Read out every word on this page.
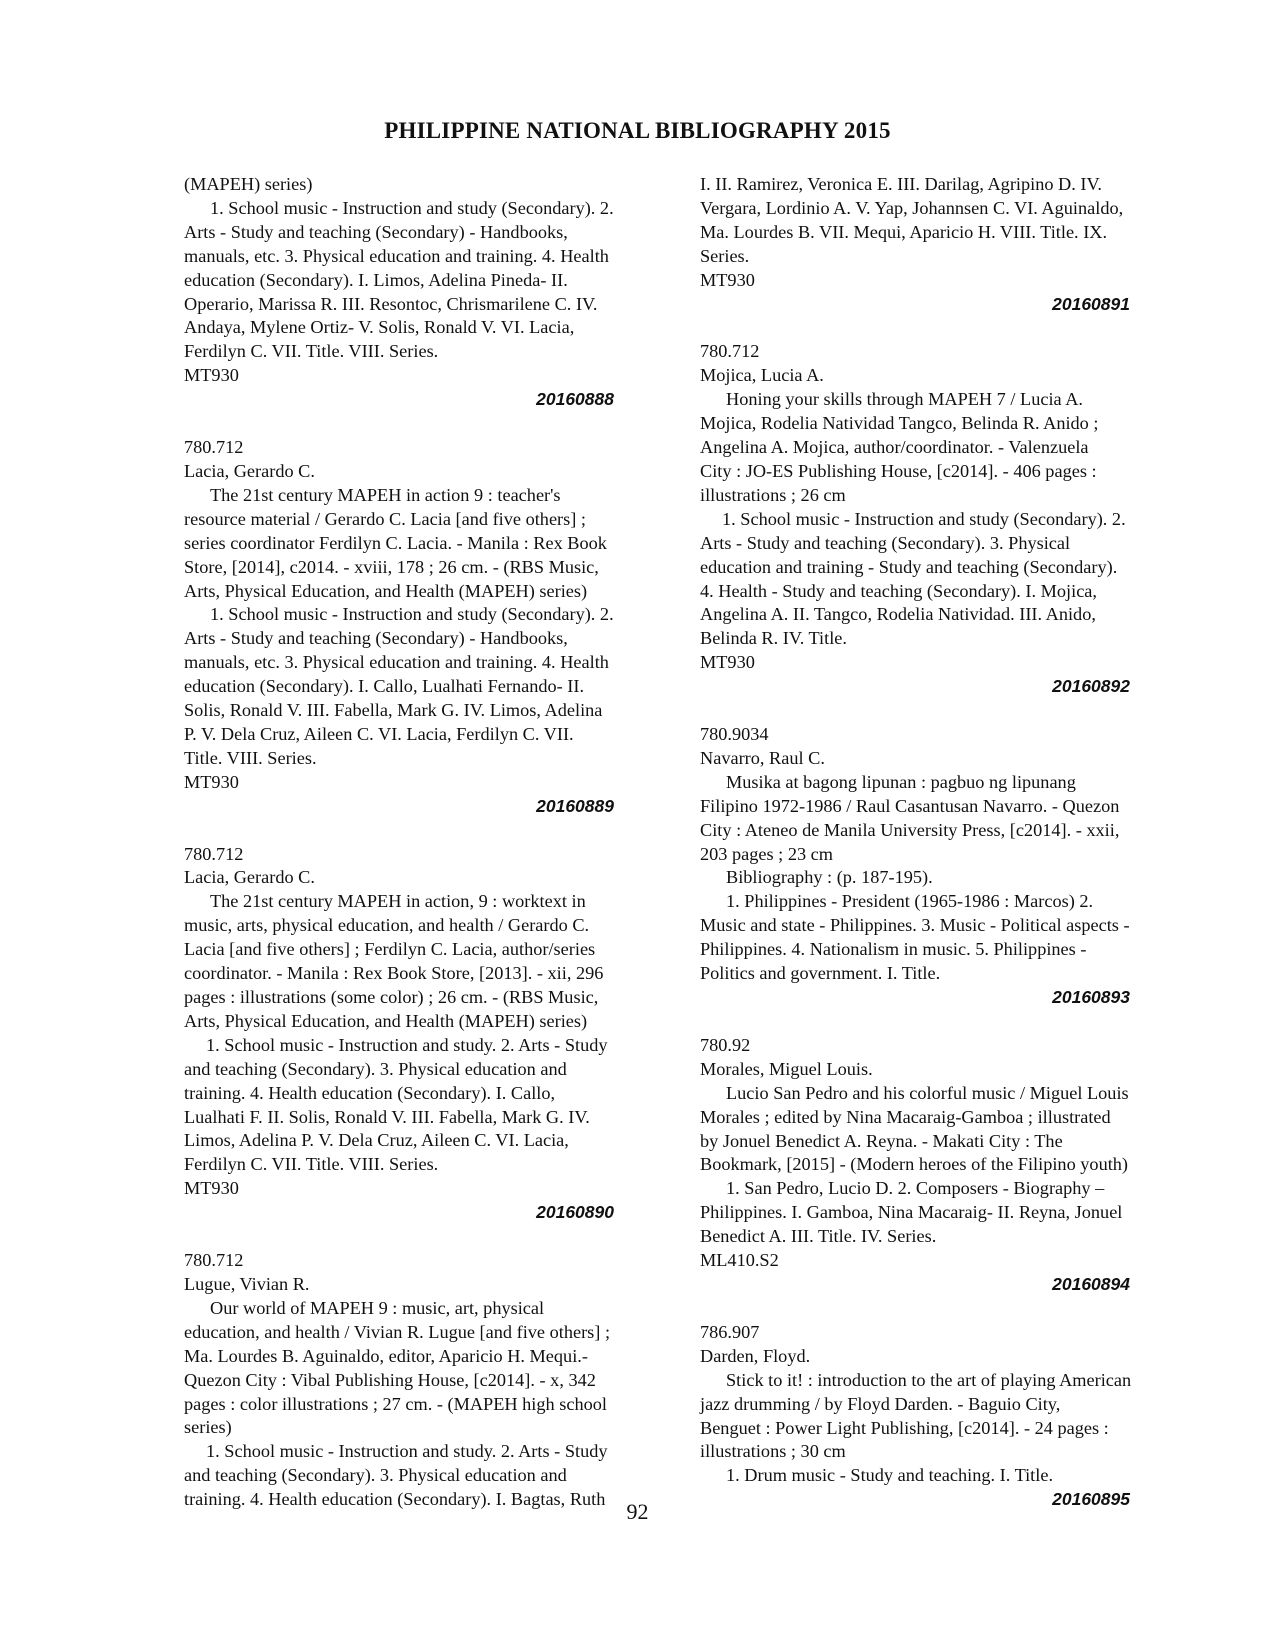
PHILIPPINE NATIONAL BIBLIOGRAPHY 2015
(MAPEH) series)
1. School music - Instruction and study (Secondary). 2.
Arts - Study and teaching (Secondary) - Handbooks,
manuals, etc. 3. Physical education and training. 4. Health
education (Secondary). I. Limos, Adelina Pineda- II.
Operario, Marissa R. III. Resontoc, Chrismarilene C. IV.
Andaya, Mylene Ortiz- V. Solis, Ronald V. VI. Lacia,
Ferdilyn C. VII. Title. VIII. Series.
MT930
20160888
780.712
Lacia, Gerardo C.
The 21st century MAPEH in action 9 : teacher's
resource material / Gerardo C. Lacia [and five others] ;
series coordinator Ferdilyn C. Lacia. - Manila : Rex Book
Store, [2014], c2014. - xviii, 178 ; 26 cm. - (RBS Music,
Arts, Physical Education, and Health (MAPEH) series)
1. School music - Instruction and study (Secondary). 2.
Arts - Study and teaching (Secondary) - Handbooks,
manuals, etc. 3. Physical education and training. 4. Health
education (Secondary). I. Callo, Lualhati Fernando- II.
Solis, Ronald V. III. Fabella, Mark G. IV. Limos, Adelina
P. V. Dela Cruz, Aileen C. VI. Lacia, Ferdilyn C. VII.
Title. VIII. Series.
MT930
20160889
780.712
Lacia, Gerardo C.
The 21st century MAPEH in action, 9 : worktext in
music, arts, physical education, and health / Gerardo C.
Lacia [and five others] ; Ferdilyn C. Lacia, author/series
coordinator. - Manila : Rex Book Store, [2013]. - xii, 296
pages : illustrations (some color) ; 26 cm. - (RBS Music,
Arts, Physical Education, and Health (MAPEH) series)
1. School music - Instruction and study. 2. Arts - Study
and teaching (Secondary). 3. Physical education and
training. 4. Health education (Secondary). I. Callo,
Lualhati F. II. Solis, Ronald V. III. Fabella, Mark G. IV.
Limos, Adelina P. V. Dela Cruz, Aileen C. VI. Lacia,
Ferdilyn C. VII. Title. VIII. Series.
MT930
20160890
780.712
Lugue, Vivian R.
Our world of MAPEH 9 : music, art, physical
education, and health / Vivian R. Lugue [and five others] ;
Ma. Lourdes B. Aguinaldo, editor, Aparicio H. Mequi.-
Quezon City : Vibal Publishing House, [c2014]. - x, 342
pages : color illustrations ; 27 cm. - (MAPEH high school
series)
1. School music - Instruction and study. 2. Arts - Study
and teaching (Secondary). 3. Physical education and
training. 4. Health education (Secondary). I. Bagtas, Ruth
I. II. Ramirez, Veronica E. III. Darilag, Agripino D. IV.
Vergara, Lordinio A. V. Yap, Johannsen C. VI. Aguinaldo,
Ma. Lourdes B. VII. Mequi, Aparicio H. VIII. Title. IX.
Series.
MT930
20160891
780.712
Mojica, Lucia A.
Honing your skills through MAPEH 7 / Lucia A.
Mojica, Rodelia Natividad Tangco, Belinda R. Anido ;
Angelina A. Mojica, author/coordinator. - Valenzuela
City : JO-ES Publishing House, [c2014]. - 406 pages :
illustrations ; 26 cm
1. School music - Instruction and study (Secondary). 2.
Arts - Study and teaching (Secondary). 3. Physical
education and training - Study and teaching (Secondary).
4. Health - Study and teaching (Secondary). I. Mojica,
Angelina A. II. Tangco, Rodelia Natividad. III. Anido,
Belinda R. IV. Title.
MT930
20160892
780.9034
Navarro, Raul C.
Musika at bagong lipunan : pagbuo ng lipunang
Filipino 1972-1986 / Raul Casantusan Navarro. - Quezon
City : Ateneo de Manila University Press, [c2014]. - xxii,
203 pages ; 23 cm
Bibliography : (p. 187-195).
1. Philippines - President (1965-1986 : Marcos) 2.
Music and state - Philippines. 3. Music - Political aspects -
Philippines. 4. Nationalism in music. 5. Philippines -
Politics and government. I. Title.
20160893
780.92
Morales, Miguel Louis.
Lucio San Pedro and his colorful music / Miguel Louis
Morales ; edited by Nina Macaraig-Gamboa ; illustrated
by Jonuel Benedict A. Reyna. - Makati City : The
Bookmark, [2015] - (Modern heroes of the Filipino youth)
1. San Pedro, Lucio D. 2. Composers - Biography –
Philippines. I. Gamboa, Nina Macaraig- II. Reyna, Jonuel
Benedict A. III. Title. IV. Series.
ML410.S2
20160894
786.907
Darden, Floyd.
Stick to it! : introduction to the art of playing American
jazz drumming / by Floyd Darden. - Baguio City,
Benguet : Power Light Publishing, [c2014]. - 24 pages :
illustrations ; 30 cm
1. Drum music - Study and teaching. I. Title.
20160895
92
